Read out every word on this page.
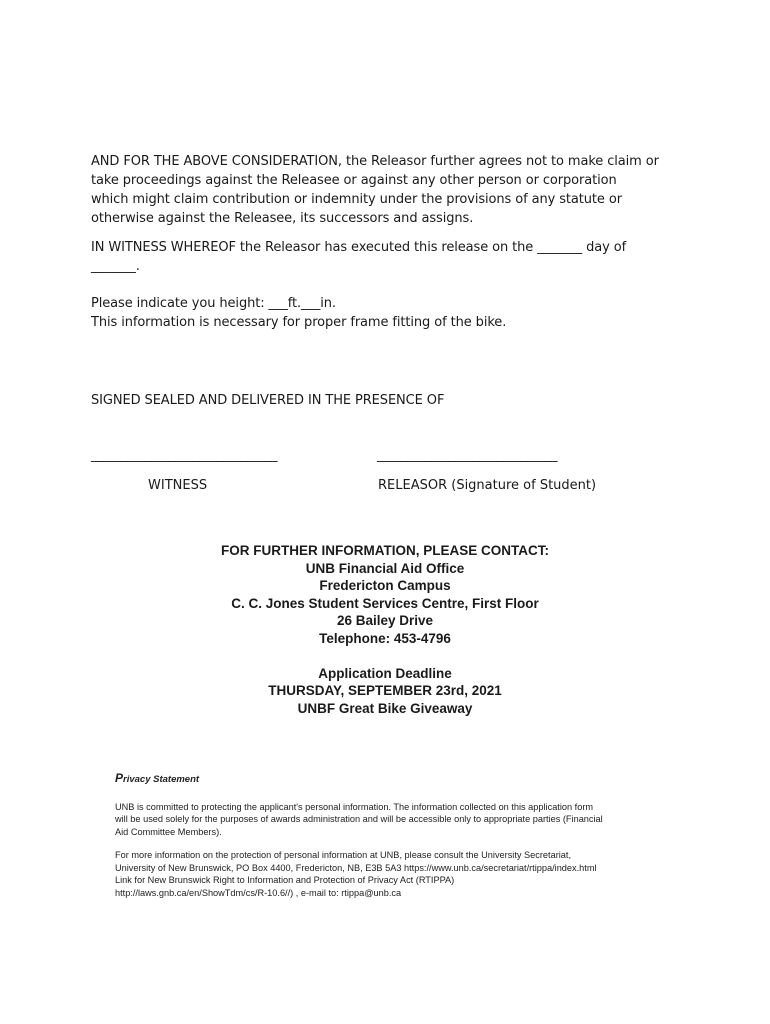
AND FOR THE ABOVE CONSIDERATION, the Releasor further agrees not to make claim or
take proceedings against the Releasee or against any other person or corporation
which might claim contribution or indemnity under the provisions of any statute or
otherwise against the Releasee, its successors and assigns.
IN WITNESS WHEREOF the Releasor has executed this release on the _______ day of
_______.
Please indicate you height: ___ft.___in.
This information is necessary for proper frame fitting of the bike.
SIGNED SEALED AND DELIVERED IN THE PRESENCE OF
_______________________________	______________________________
WITNESS	RELEASOR (Signature of Student)
FOR FURTHER INFORMATION, PLEASE CONTACT:
UNB Financial Aid Office
Fredericton Campus
C. C. Jones Student Services Centre, First Floor
26 Bailey Drive
Telephone: 453-4796
Application Deadline
THURSDAY, SEPTEMBER 23rd, 2021
UNBF Great Bike Giveaway
Privacy Statement

UNB is committed to protecting the applicant's personal information. The information collected on this application form
will be used solely for the purposes of awards administration and will be accessible only to appropriate parties (Financial
Aid Committee Members).

For more information on the protection of personal information at UNB, please consult the University Secretariat,
University of New Brunswick, PO Box 4400, Fredericton, NB, E3B 5A3 https://www.unb.ca/secretariat/rtippa/index.html
Link for New Brunswick Right to Information and Protection of Privacy Act (RTIPPA)
http://laws.gnb.ca/en/ShowTdm/cs/R-10.6//) , e-mail to: rtippa@unb.ca
